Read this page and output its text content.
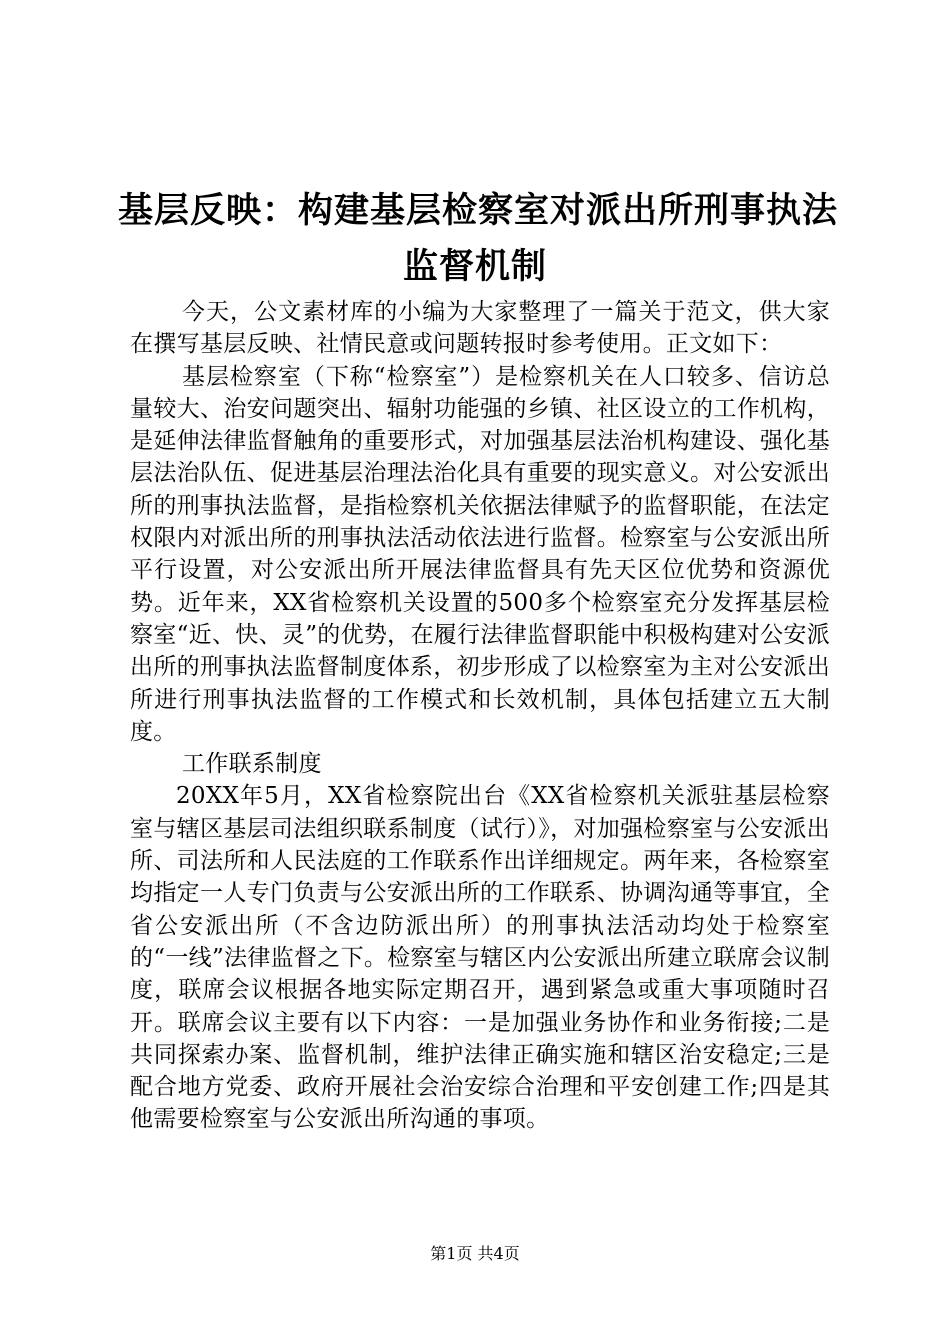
基层反映：构建基层检察室对派出所刑事执法
监督机制

今天，公文素材库的小编为大家整理了一篇关于范文，供大家在撰写基层反映、社情民意或问题转报时参考使用。正文如下：

基层检察室（下称“检察室”）是检察机关在人口较多、信访总量较大、治安问题突出、辐射功能强的乡镇、社区设立的工作机构，是延伸法律监督触角的重要形式，对加强基层法治机构建设、强化基层法治队伍、促进基层治理法治化具有重要的现实意义。对公安派出所的刑事执法监督，是指检察机关依据法律赋予的监督职能，在法定权限内对派出所的刑事执法活动依法进行监督。检察室与公安派出所平行设置，对公安派出所开展法律监督具有先天区位优势和资源优势。近年来，XX省检察机关设置的500多个检察室充分发挥基层检察室“近、快、灵”的优势，在履行法律监督职能中积极构建对公安派出所的刑事执法监督制度体系，初步形成了以检察室为主对公安派出所进行刑事执法监督的工作模式和长效机制，具体包括建立五大制度。

工作联系制度

20XX年5月，XX省检察院出台《XX省检察机关派驻基层检察室与辖区基层司法组织联系制度（试行）》，对加强检察室与公安派出所、司法所和人民法庭的工作联系作出详细规定。两年来，各检察室均指定一人专门负责与公安派出所的工作联系、协调沟通等事宜，全省公安派出所（不含边防派出所）的刑事执法活动均处于检察室的“一线”法律监督之下。检察室与辖区内公安派出所建立联席会议制度，联席会议根据各地实际定期召开，遇到紧急或重大事项随时召开。联席会议主要有以下内容：一是加强业务协作和业务衔接;二是共同探索办案、监督机制，维护法律正确实施和辖区治安稳定;三是配合地方党委、政府开展社会治安综合治理和平安创建工作;四是其他需要检察室与公安派出所沟通的事项。

第1页 共4页
